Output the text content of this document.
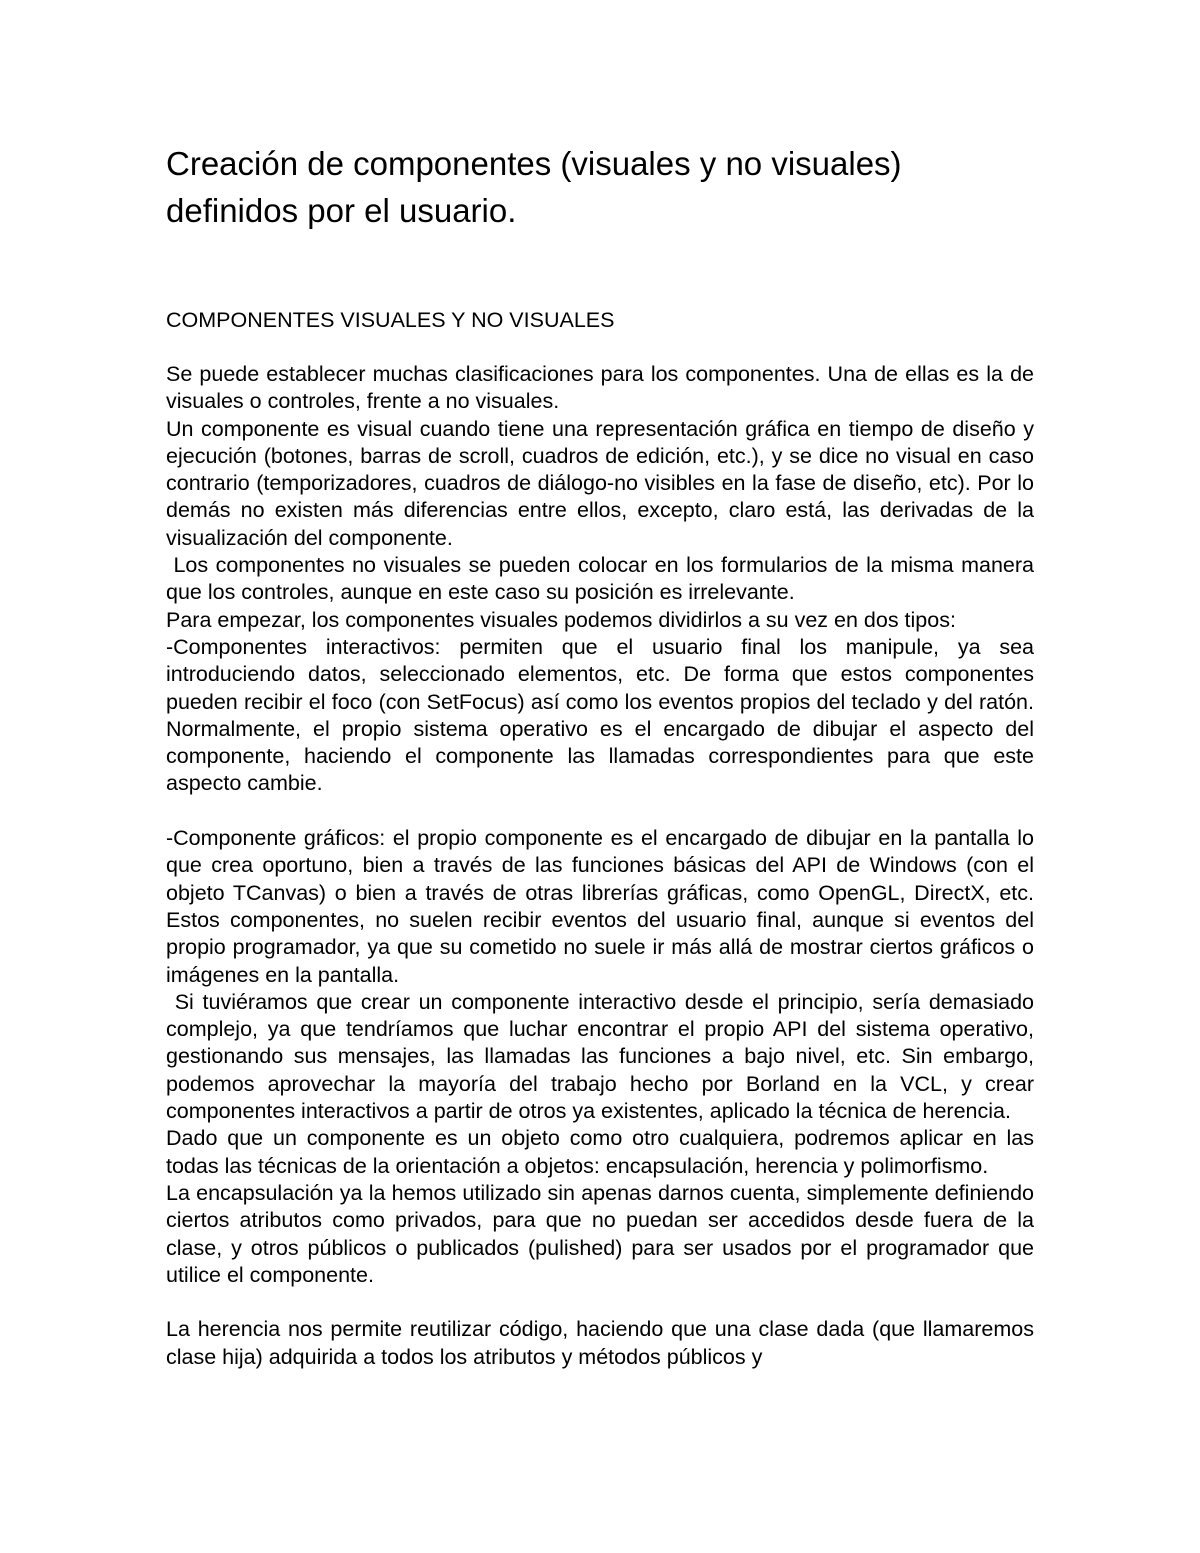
Creación de componentes (visuales y no visuales)
definidos por el usuario.

COMPONENTES VISUALES Y NO VISUALES

Se puede establecer muchas clasificaciones para los componentes. Una de ellas es la de visuales o controles, frente a no visuales.

Un componente es visual cuando tiene una representación gráfica en tiempo de diseño y ejecución (botones, barras de scroll, cuadros de edición, etc.), y se dice no visual en caso contrario (temporizadores, cuadros de diálogo-no visibles en la fase de diseño, etc). Por lo demás no existen más diferencias entre ellos, excepto, claro está, las derivadas de la visualización del componente.

Los componentes no visuales se pueden colocar en los formularios de la misma manera que los controles, aunque en este caso su posición es irrelevante.

Para empezar, los componentes visuales podemos dividirlos a su vez en dos tipos:

-Componentes interactivos: permiten que el usuario final los manipule, ya sea introduciendo datos, seleccionado elementos, etc. De forma que estos componentes pueden recibir el foco (con SetFocus) así como los eventos propios del teclado y del ratón. Normalmente, el propio sistema operativo es el encargado de dibujar el aspecto del componente, haciendo el componente las llamadas correspondientes para que este aspecto cambie.

-Componente gráficos: el propio componente es el encargado de dibujar en la pantalla lo que crea oportuno, bien a través de las funciones básicas del API de Windows (con el objeto TCanvas) o bien a través de otras librerías gráficas, como OpenGL, DirectX, etc. Estos componentes, no suelen recibir eventos del usuario final, aunque si eventos del propio programador, ya que su cometido no suele ir más allá de mostrar ciertos gráficos o imágenes en la pantalla.

Si tuviéramos que crear un componente interactivo desde el principio, sería demasiado complejo, ya que tendríamos que luchar encontrar el propio API del sistema operativo, gestionando sus mensajes, las llamadas las funciones a bajo nivel, etc. Sin embargo, podemos aprovechar la mayoría del trabajo hecho por Borland en la VCL, y crear componentes interactivos a partir de otros ya existentes, aplicado la técnica de herencia.

Dado que un componente es un objeto como otro cualquiera, podremos aplicar en las todas las técnicas de la orientación a objetos: encapsulación, herencia y polimorfismo.

La encapsulación ya la hemos utilizado sin apenas darnos cuenta, simplemente definiendo ciertos atributos como privados, para que no puedan ser accedidos desde fuera de la clase, y otros públicos o publicados (pulished) para ser usados por el programador que utilice el componente.

La herencia nos permite reutilizar código, haciendo que una clase dada (que llamaremos clase hija) adquirida a todos los atributos y métodos públicos y
